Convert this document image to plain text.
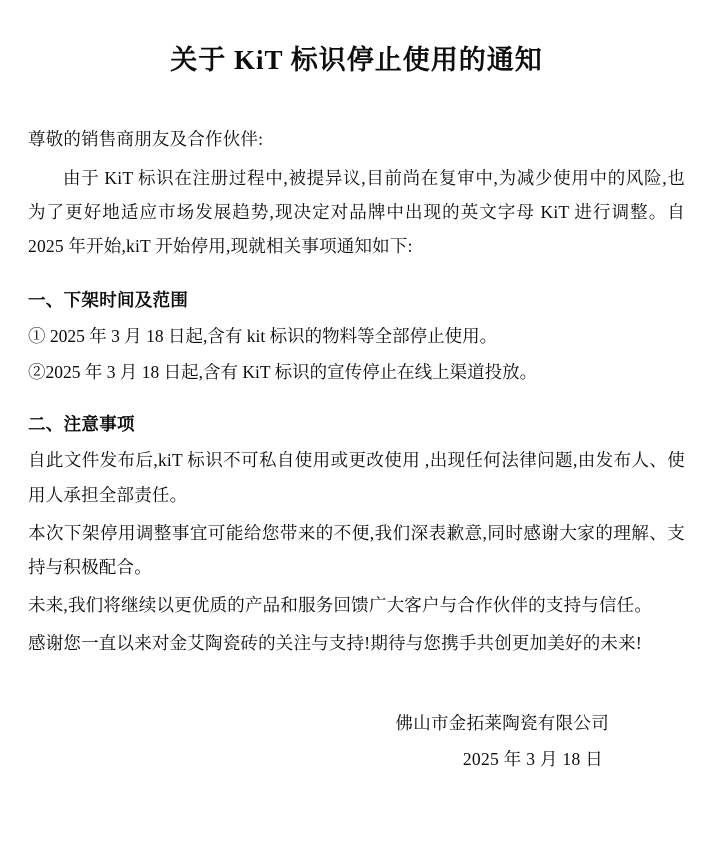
关于 KiT 标识停止使用的通知

尊敬的销售商朋友及合作伙伴:

由于 KiT 标识在注册过程中,被提异议,目前尚在复审中,为减少使用中的风险,也为了更好地适应市场发展趋势,现决定对品牌中出现的英文字母 KiT 进行调整。自 2025 年开始,kiT 开始停用,现就相关事项通知如下:

一、下架时间及范围

① 2025 年 3 月 18 日起,含有 kit 标识的物料等全部停止使用。

②2025 年 3 月 18 日起,含有 KiT 标识的宣传停止在线上渠道投放。

二、注意事项

自此文件发布后,kiT 标识不可私自使用或更改使用 ,出现任何法律问题,由发布人、使用人承担全部责任。

本次下架停用调整事宜可能给您带来的不便,我们深表歉意,同时感谢大家的理解、支持与积极配合。

未来,我们将继续以更优质的产品和服务回馈广大客户与合作伙伴的支持与信任。

感谢您一直以来对金艾陶瓷砖的关注与支持!期待与您携手共创更加美好的未来!

佛山市金拓莱陶瓷有限公司

2025 年 3 月 18 日
